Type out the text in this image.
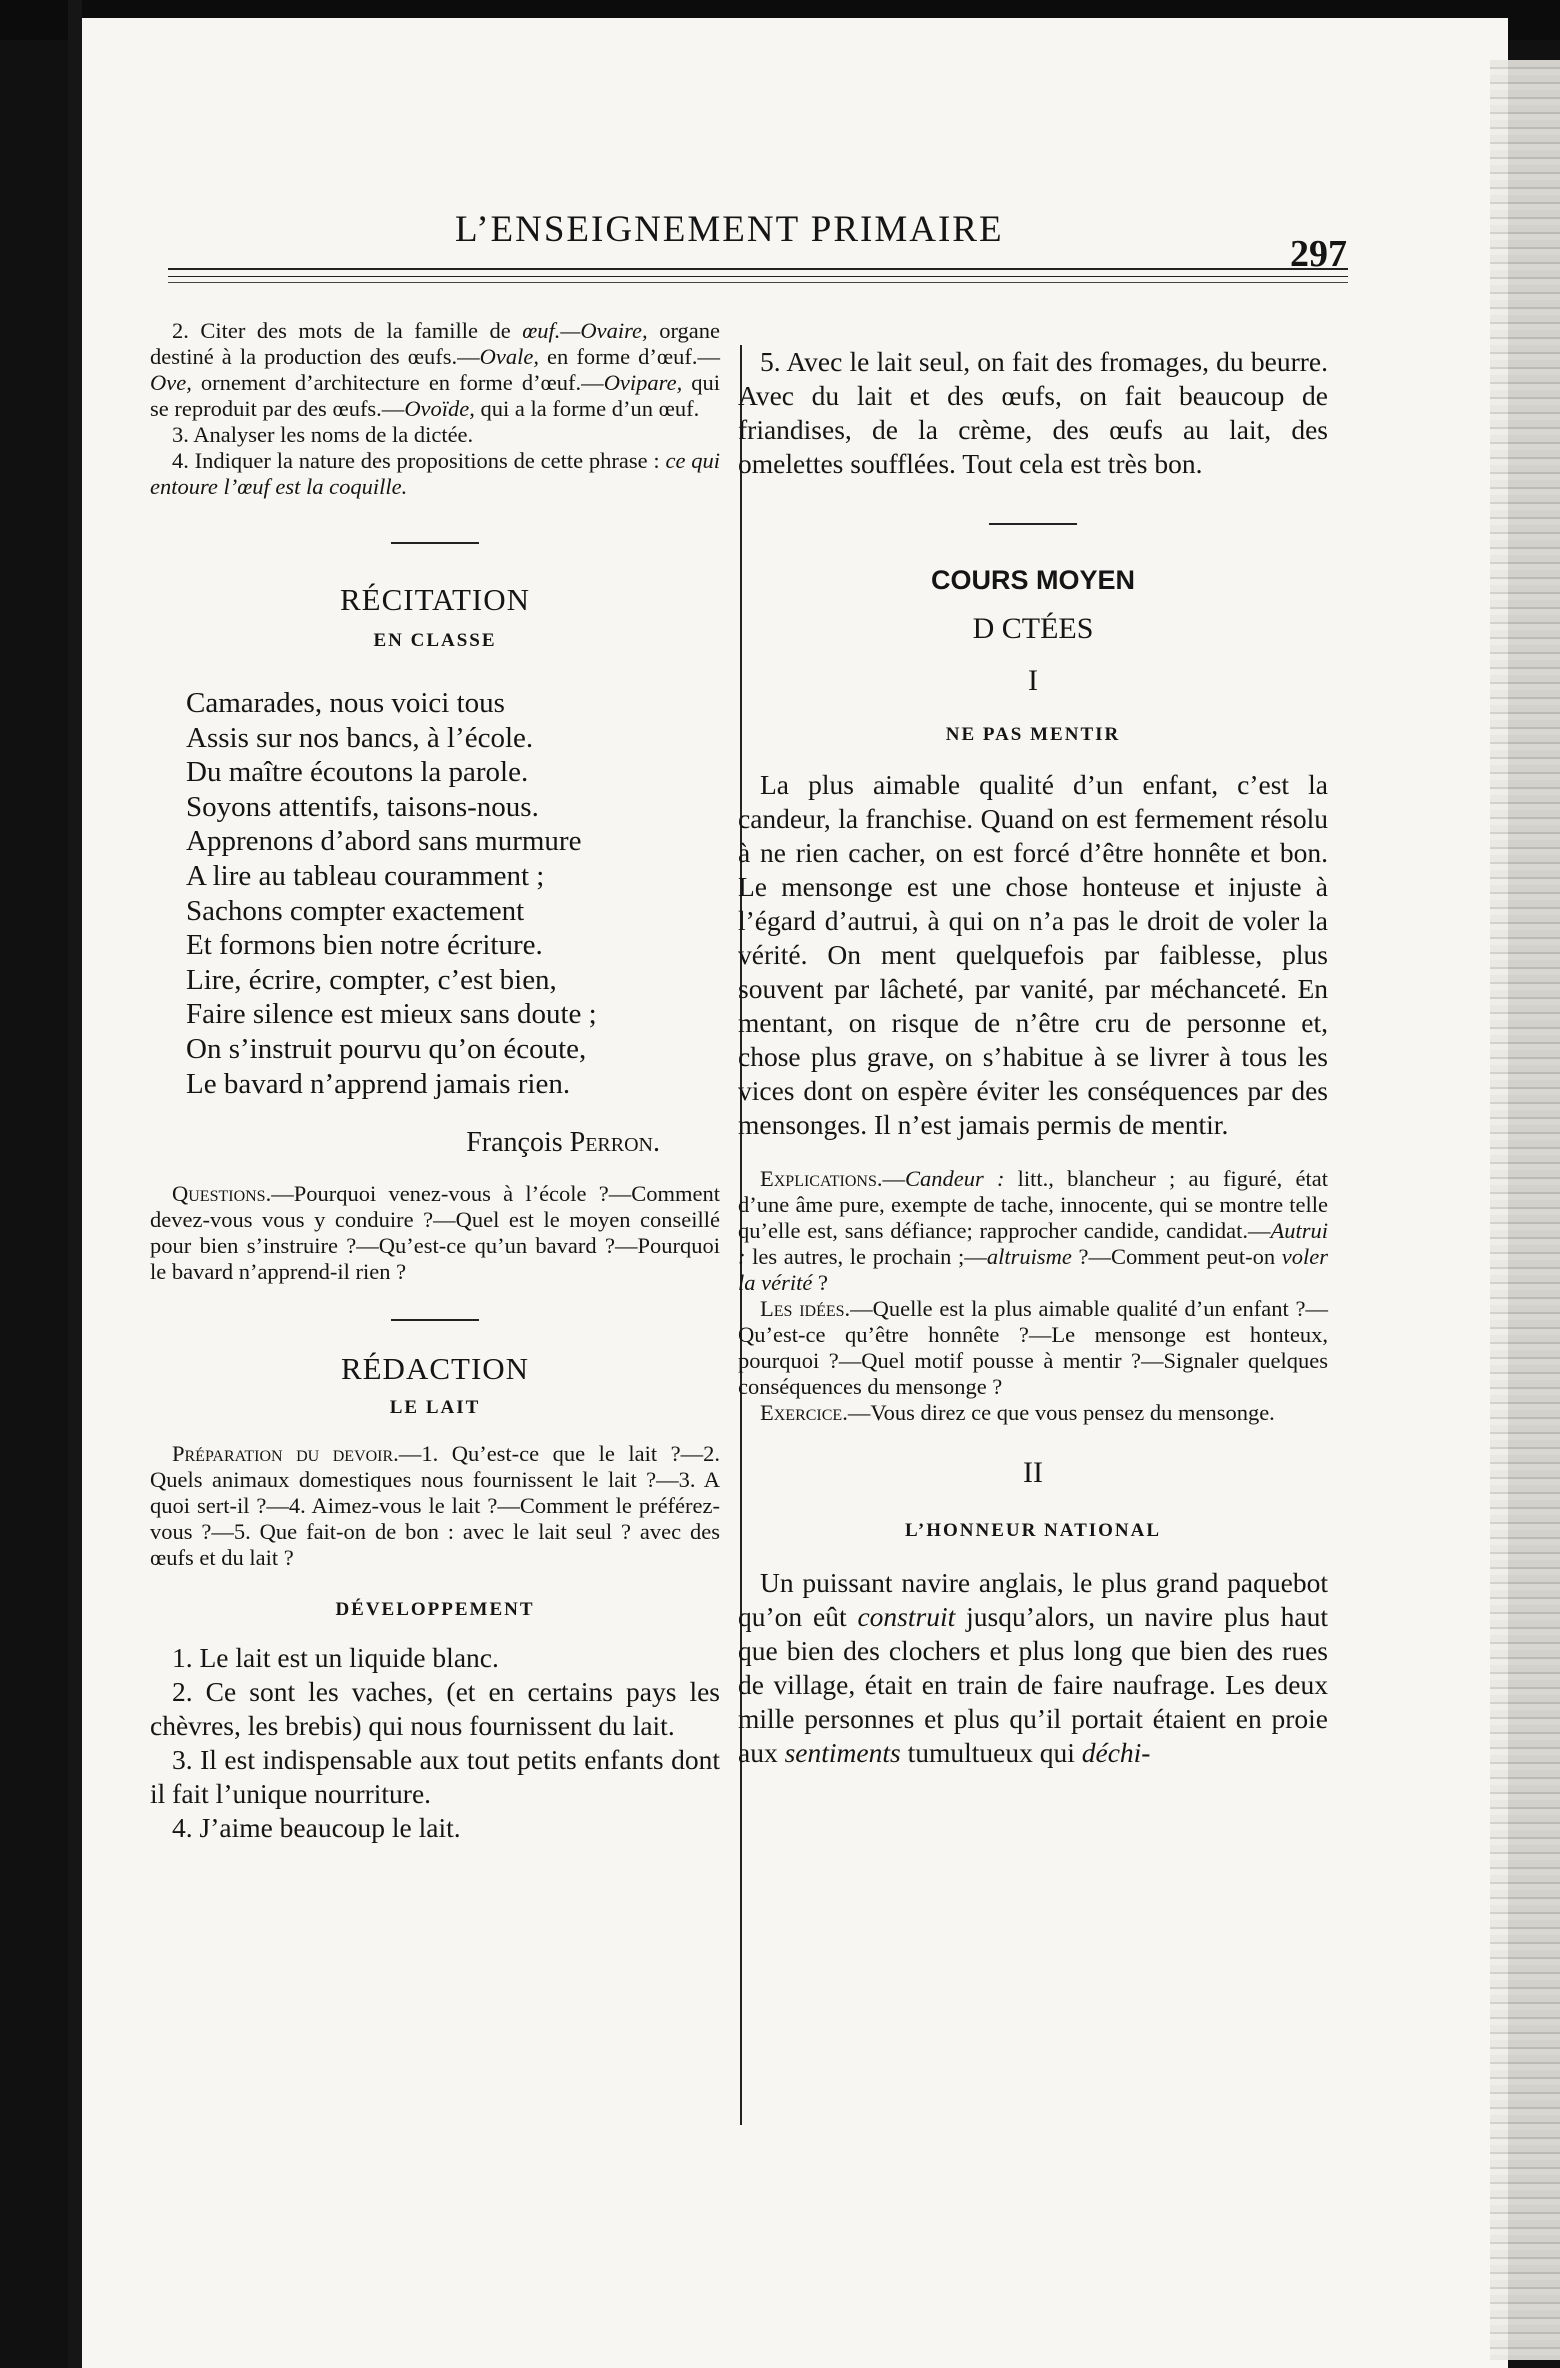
L’ENSEIGNEMENT PRIMAIRE
297

2. Citer des mots de la famille de œuf.—Ovaire, organe destiné à la production des œufs.—Ovale, en forme d’œuf.—Ove, ornement d’architecture en forme d’œuf.—Ovipare, qui se reproduit par des œufs.—Ovoïde, qui a la forme d’un œuf.

3. Analyser les noms de la dictée.

4. Indiquer la nature des propositions de cette phrase : ce qui entoure l’œuf est la coquille.

RÉCITATION
EN CLASSE
Camarades, nous voici tous
Assis sur nos bancs, à l’école.
Du maître écoutons la parole.
Soyons attentifs, taisons-nous.
Apprenons d’abord sans murmure
A lire au tableau couramment ;
Sachons compter exactement
Et formons bien notre écriture.
Lire, écrire, compter, c’est bien,
Faire silence est mieux sans doute ;
On s’instruit pourvu qu’on écoute,
Le bavard n’apprend jamais rien.
François Perron.

Questions.—Pourquoi venez-vous à l’école ?—Comment devez-vous vous y conduire ?—Quel est le moyen conseillé pour bien s’instruire ?—Qu’est-ce qu’un bavard ?—Pourquoi le bavard n’apprend-il rien ?

RÉDACTION
LE LAIT

Préparation du devoir.—1. Qu’est-ce que le lait ?—2. Quels animaux domestiques nous fournissent le lait ?—3. A quoi sert-il ?—4. Aimez-vous le lait ?—Comment le préférez-vous ?—5. Que fait-on de bon : avec le lait seul ? avec des œufs et du lait ?

DÉVELOPPEMENT

1. Le lait est un liquide blanc.

2. Ce sont les vaches, (et en certains pays les chèvres, les brebis) qui nous fournissent du lait.

3. Il est indispensable aux tout petits enfants dont il fait l’unique nourriture.

4. J’aime beaucoup le lait.

5. Avec le lait seul, on fait des fromages, du beurre. Avec du lait et des œufs, on fait beaucoup de friandises, de la crème, des œufs au lait, des omelettes soufflées. Tout cela est très bon.

COURS MOYEN
D CTÉES
I
NE PAS MENTIR

La plus aimable qualité d’un enfant, c’est la candeur, la franchise. Quand on est fermement résolu à ne rien cacher, on est forcé d’être honnête et bon. Le mensonge est une chose honteuse et injuste à l’égard d’autrui, à qui on n’a pas le droit de voler la vérité. On ment quelquefois par faiblesse, plus souvent par lâcheté, par vanité, par méchanceté. En mentant, on risque de n’être cru de personne et, chose plus grave, on s’habitue à se livrer à tous les vices dont on espère éviter les conséquences par des mensonges. Il n’est jamais permis de mentir.

Explications.—Candeur : litt., blancheur ; au figuré, état d’une âme pure, exempte de tache, innocente, qui se montre telle qu’elle est, sans défiance; rapprocher candide, candidat.—Autrui : les autres, le prochain ;—altruisme ?—Comment peut-on voler la vérité ?

Les idées.—Quelle est la plus aimable qualité d’un enfant ?—Qu’est-ce qu’être honnête ?—Le mensonge est honteux, pourquoi ?—Quel motif pousse à mentir ?—Signaler quelques conséquences du mensonge ?

Exercice.—Vous direz ce que vous pensez du mensonge.

II
L’HONNEUR NATIONAL

Un puissant navire anglais, le plus grand paquebot qu’on eût construit jusqu’alors, un navire plus haut que bien des clochers et plus long que bien des rues de village, était en train de faire naufrage. Les deux mille personnes et plus qu’il portait étaient en proie aux sentiments tumultueux qui déchi-
